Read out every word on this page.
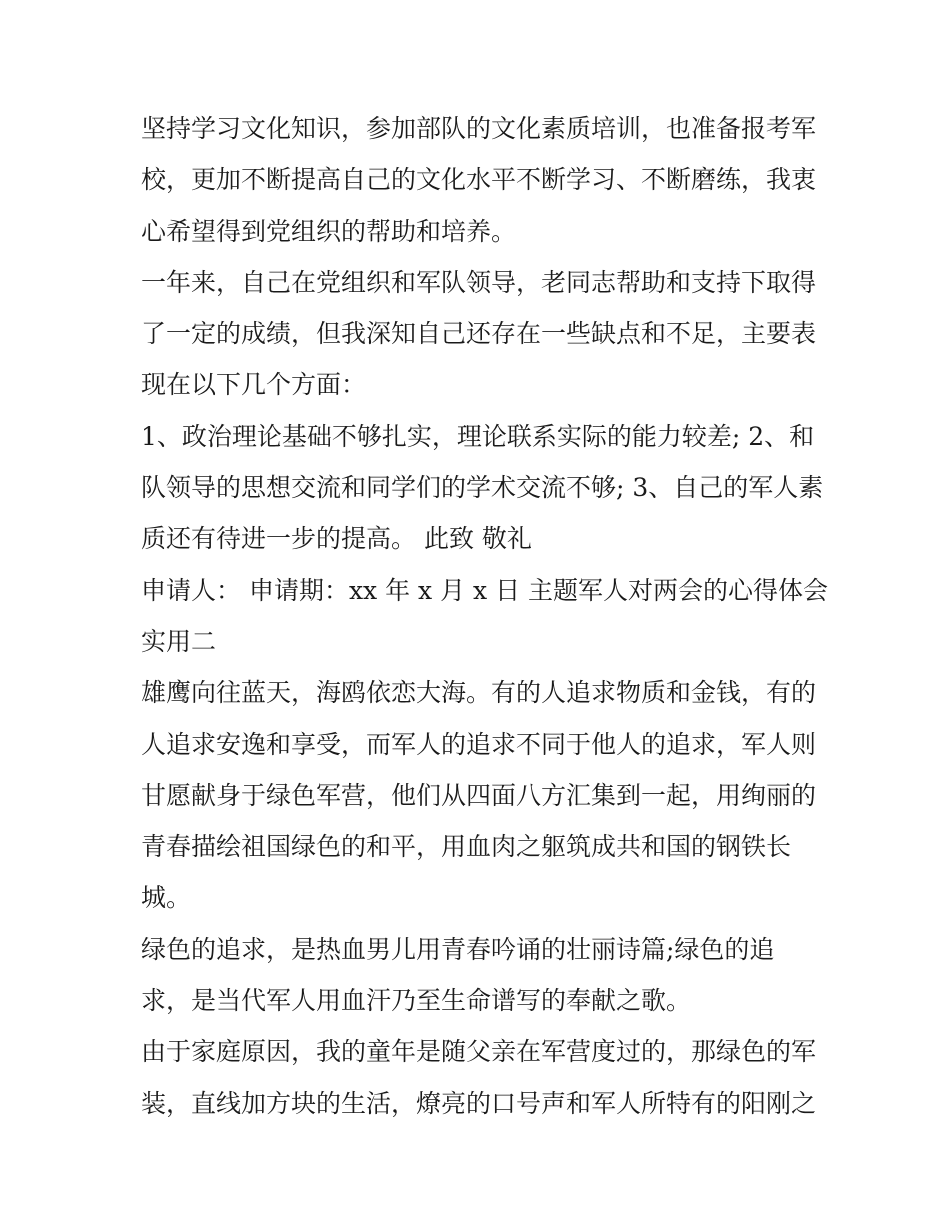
坚持学习文化知识，参加部队的文化素质培训，也准备报考军
校，更加不断提高自己的文化水平不断学习、不断磨练，我衷
心希望得到党组织的帮助和培养。
一年来，自己在党组织和军队领导，老同志帮助和支持下取得
了一定的成绩，但我深知自己还存在一些缺点和不足，主要表
现在以下几个方面：
1、政治理论基础不够扎实，理论联系实际的能力较差; 2、和
队领导的思想交流和同学们的学术交流不够; 3、自己的军人素
质还有待进一步的提高。 此致 敬礼
申请人： 申请期：xx 年 x 月 x 日 主题军人对两会的心得体会
实用二
雄鹰向往蓝天，海鸥依恋大海。有的人追求物质和金钱，有的
人追求安逸和享受，而军人的追求不同于他人的追求，军人则
甘愿献身于绿色军营，他们从四面八方汇集到一起，用绚丽的
青春描绘祖国绿色的和平，用血肉之躯筑成共和国的钢铁长
城。
绿色的追求，是热血男儿用青春吟诵的壮丽诗篇;绿色的追
求，是当代军人用血汗乃至生命谱写的奉献之歌。
由于家庭原因，我的童年是随父亲在军营度过的，那绿色的军
装，直线加方块的生活，燎亮的口号声和军人所特有的阳刚之
